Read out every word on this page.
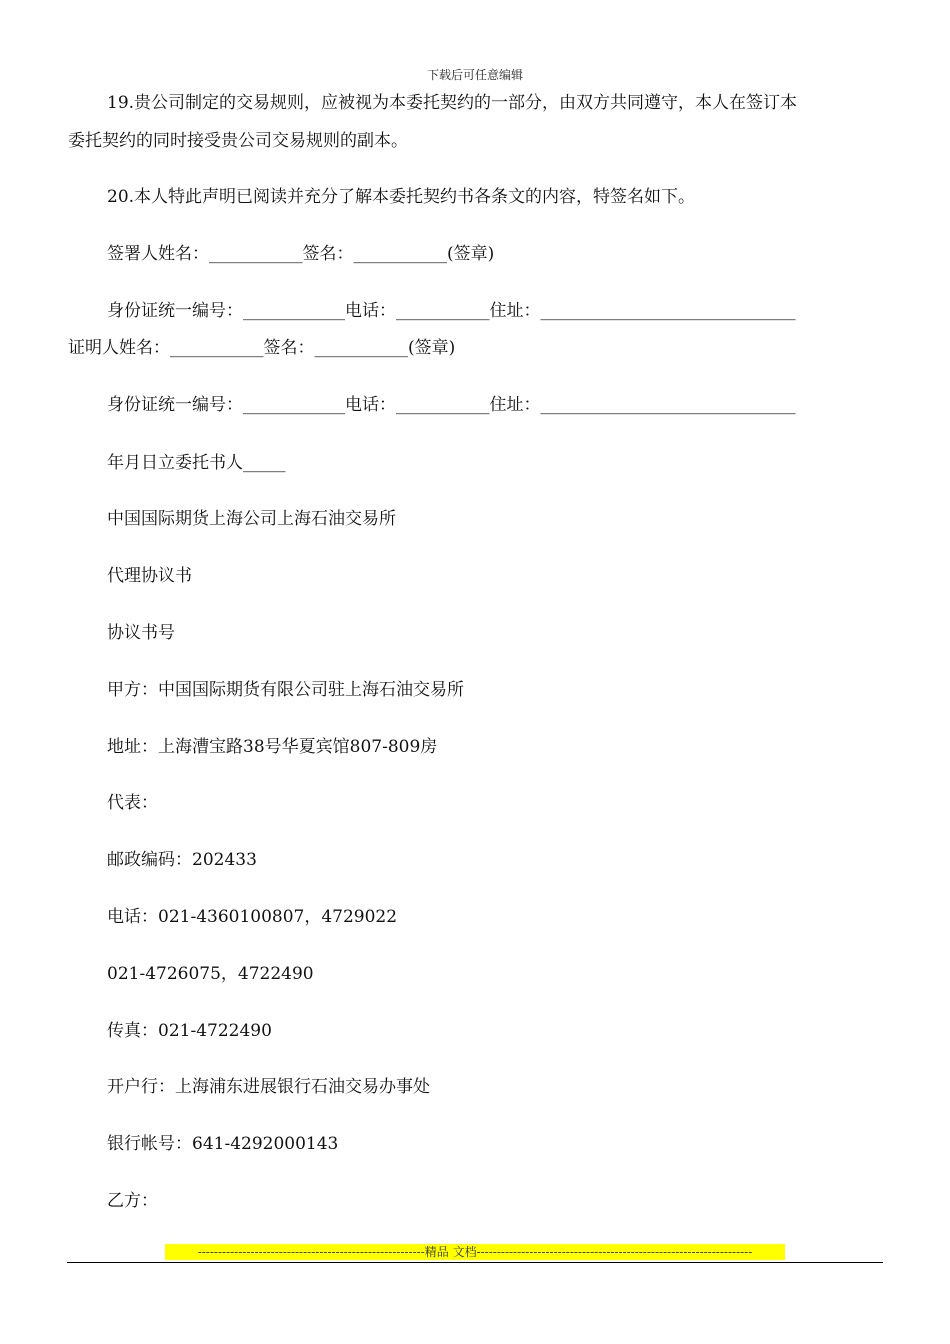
下载后可任意编辑
19.贵公司制定的交易规则，应被视为本委托契约的一部分，由双方共同遵守，本人在签订本
委托契约的同时接受贵公司交易规则的副本。
20.本人特此声明已阅读并充分了解本委托契约书各条文的内容，特签名如下。
签署人姓名：___________签名：___________(签章)
身份证统一编号：____________电话：___________住址：______________________________
证明人姓名：___________签名：___________(签章)
身份证统一编号：____________电话：___________住址：______________________________
年月日立委托书人_____
中国国际期货上海公司上海石油交易所
代理协议书
协议书号
甲方：中国国际期货有限公司驻上海石油交易所
地址：上海漕宝路38号华夏宾馆807-809房
代表：
邮政编码：202433
电话：021-4360100807，4729022
021-4726075，4722490
传真：021-4722490
开户行：上海浦东进展银行石油交易办事处
银行帐号：641-4292000143
乙方：
--------------------------------------------------------精品 文档--------------------------------------------------------------------
